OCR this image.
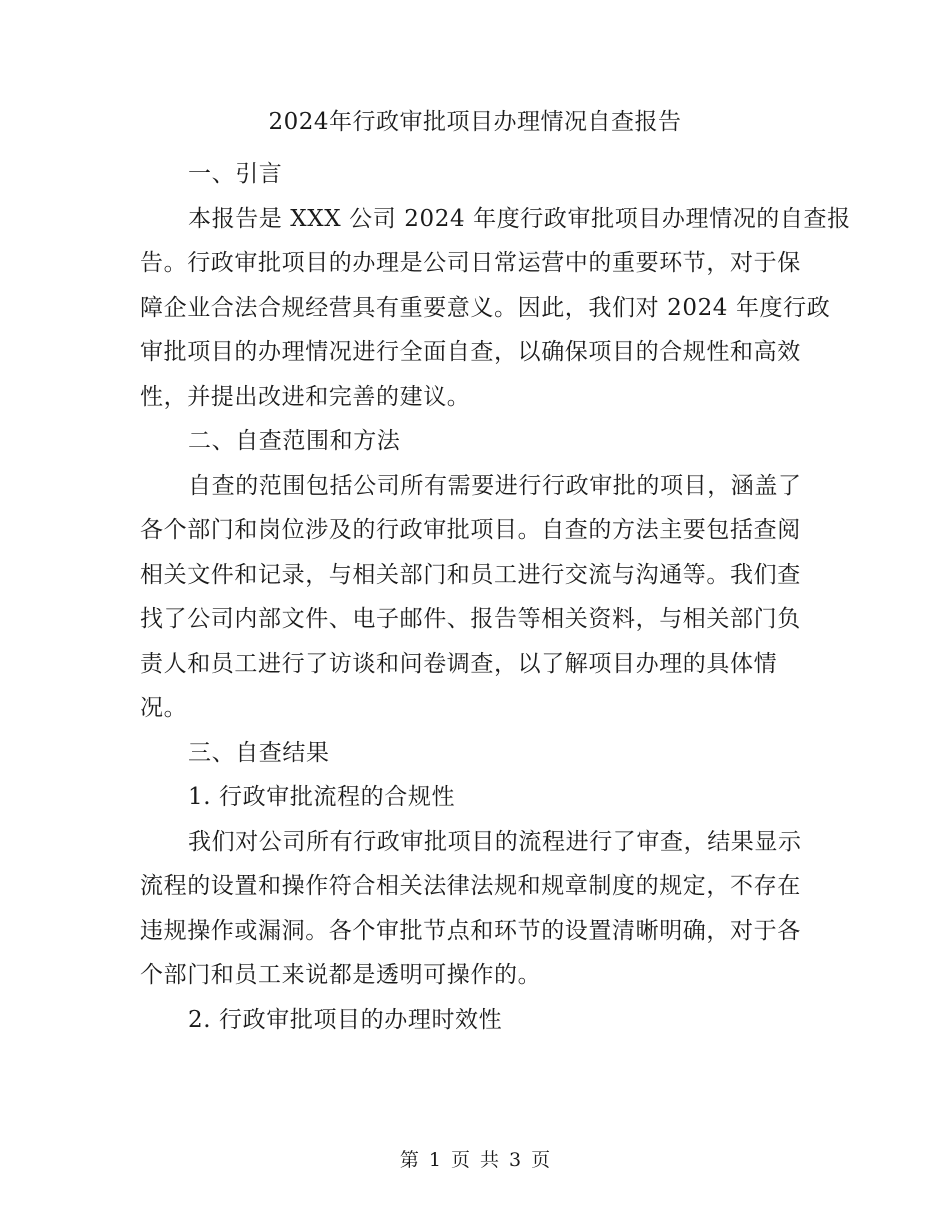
2024年行政审批项目办理情况自查报告
一、引言
本报告是 XXX 公司 2024 年度行政审批项目办理情况的自查报
告。行政审批项目的办理是公司日常运营中的重要环节，对于保
障企业合法合规经营具有重要意义。因此，我们对 2024 年度行政
审批项目的办理情况进行全面自查，以确保项目的合规性和高效
性，并提出改进和完善的建议。
二、自查范围和方法
自查的范围包括公司所有需要进行行政审批的项目，涵盖了
各个部门和岗位涉及的行政审批项目。自查的方法主要包括查阅
相关文件和记录，与相关部门和员工进行交流与沟通等。我们查
找了公司内部文件、电子邮件、报告等相关资料，与相关部门负
责人和员工进行了访谈和问卷调查，以了解项目办理的具体情
况。
三、自查结果
1. 行政审批流程的合规性
我们对公司所有行政审批项目的流程进行了审查，结果显示
流程的设置和操作符合相关法律法规和规章制度的规定，不存在
违规操作或漏洞。各个审批节点和环节的设置清晰明确，对于各
个部门和员工来说都是透明可操作的。
2. 行政审批项目的办理时效性
第 1 页 共 3 页
